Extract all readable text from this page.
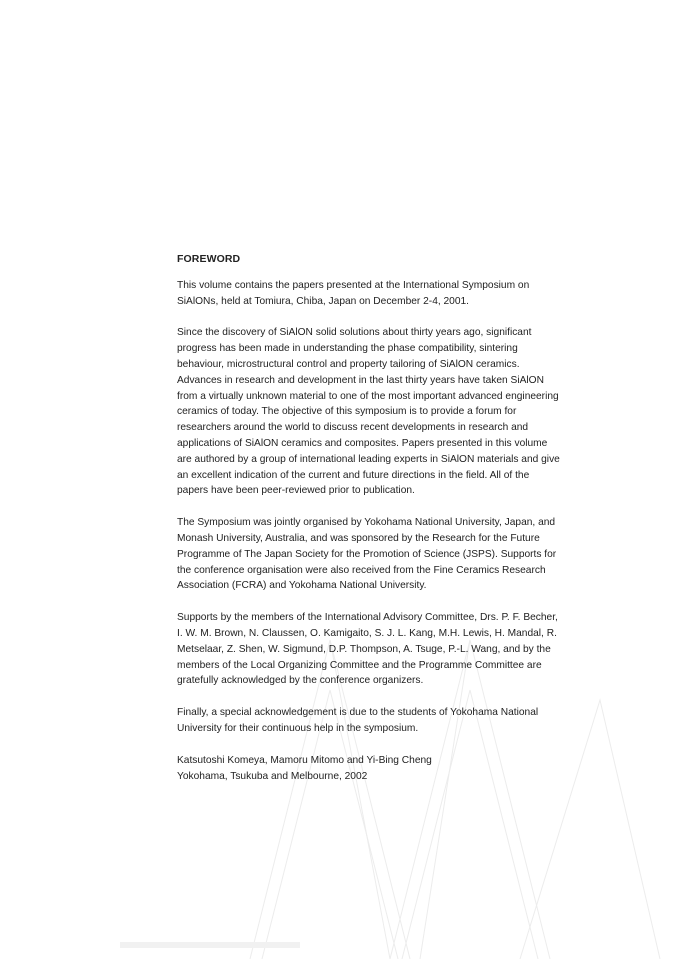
FOREWORD

This volume contains the papers presented at the International Symposium on
SiAlONs, held at Tomiura, Chiba, Japan on December 2-4, 2001.

Since the discovery of SiAlON solid solutions about thirty years ago, significant
progress has been made in understanding the phase compatibility, sintering
behaviour, microstructural control and property tailoring of SiAlON ceramics.
Advances in research and development in the last thirty years have taken SiAlON
from a virtually unknown material to one of the most important advanced engineering
ceramics of today. The objective of this symposium is to provide a forum for
researchers around the world to discuss recent developments in research and
applications of SiAlON ceramics and composites. Papers presented in this volume
are authored by a group of international leading experts in SiAlON materials and give
an excellent indication of the current and future directions in the field. All of the
papers have been peer-reviewed prior to publication.

The Symposium was jointly organised by Yokohama National University, Japan, and
Monash University, Australia, and was sponsored by the Research for the Future
Programme of The Japan Society for the Promotion of Science (JSPS). Supports for
the conference organisation were also received from the Fine Ceramics Research
Association (FCRA) and Yokohama National University.

Supports by the members of the International Advisory Committee, Drs. P. F. Becher,
I. W. M. Brown, N. Claussen, O. Kamigaito, S. J. L. Kang, M.H. Lewis, H. Mandal, R.
Metselaar, Z. Shen, W. Sigmund, D.P. Thompson, A. Tsuge, P.-L. Wang, and by the
members of the Local Organizing Committee and the Programme Committee are
gratefully acknowledged by the conference organizers.

Finally, a special acknowledgement is due to the students of Yokohama National
University for their continuous help in the symposium.

Katsutoshi Komeya, Mamoru Mitomo and Yi-Bing Cheng
Yokohama, Tsukuba and Melbourne, 2002
